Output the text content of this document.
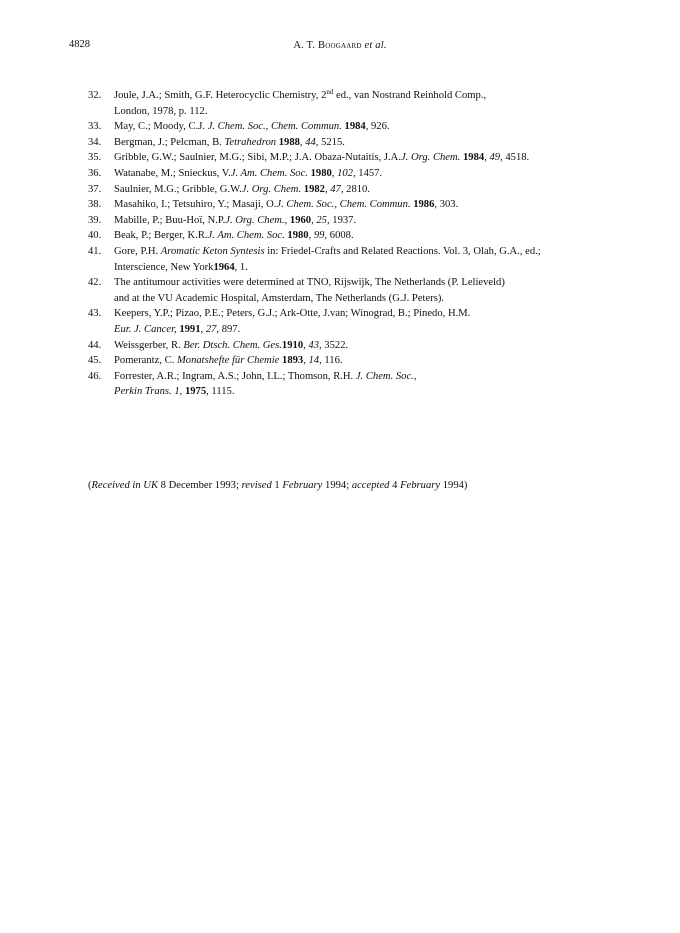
4828	A. T. Boogaard et al.
32.	Joule, J.A.; Smith, G.F. Heterocyclic Chemistry, 2nd ed., van Nostrand Reinhold Comp.,
London, 1978, p. 112.
33.	May, C.; Moody, C.J. J. Chem. Soc., Chem. Commun. 1984, 926.
34.	Bergman, J.; Pelcman, B. Tetrahedron 1988, 44, 5215.
35.	Gribble, G.W.; Saulnier, M.G.; Sibi, M.P.; J.A. Obaza-Nutaitis, J.A.J. Org. Chem. 1984, 49, 4518.
36.	Watanabe, M.; Snieckus, V.J. Am. Chem. Soc. 1980, 102, 1457.
37.	Saulnier, M.G.; Gribble, G.W.J. Org. Chem. 1982, 47, 2810.
38.	Masahiko, I.; Tetsuhiro, Y.; Masaji, O.J. Chem. Soc., Chem. Commun. 1986, 303.
39.	Mabille, P.; Buu-Hoï, N.P.J. Org. Chem., 1960, 25, 1937.
40.	Beak, P.; Berger, K.R.J. Am. Chem. Soc. 1980, 99, 6008.
41.	Gore, P.H. Aromatic Keton Syntesis in: Friedel-Crafts and Related Reactions. Vol. 3, Olah, G.A., ed.;
Interscience, New York1964, 1.
42.	The antitumour activities were determined at TNO, Rijswijk, The Netherlands (P. Lelieveld)
and at the VU Academic Hospital, Amsterdam, The Netherlands (G.J. Peters).
43.	Keepers, Y.P.; Pizao, P.E.; Peters, G.J.; Ark-Otte, J.van; Winograd, B.; Pinedo, H.M.
Eur. J. Cancer, 1991, 27, 897.
44.	Weissgerber, R. Ber. Dtsch. Chem. Ges.1910, 43, 3522.
45.	Pomerantz, C. Monatshefte für Chemie 1893, 14, 116.
46.	Forrester, A.R.; Ingram, A.S.; John, I.L.; Thomson, R.H. J. Chem. Soc.,
Perkin Trans. 1, 1975, 1115.
(Received in UK 8 December 1993; revised 1 February 1994; accepted 4 February 1994)
